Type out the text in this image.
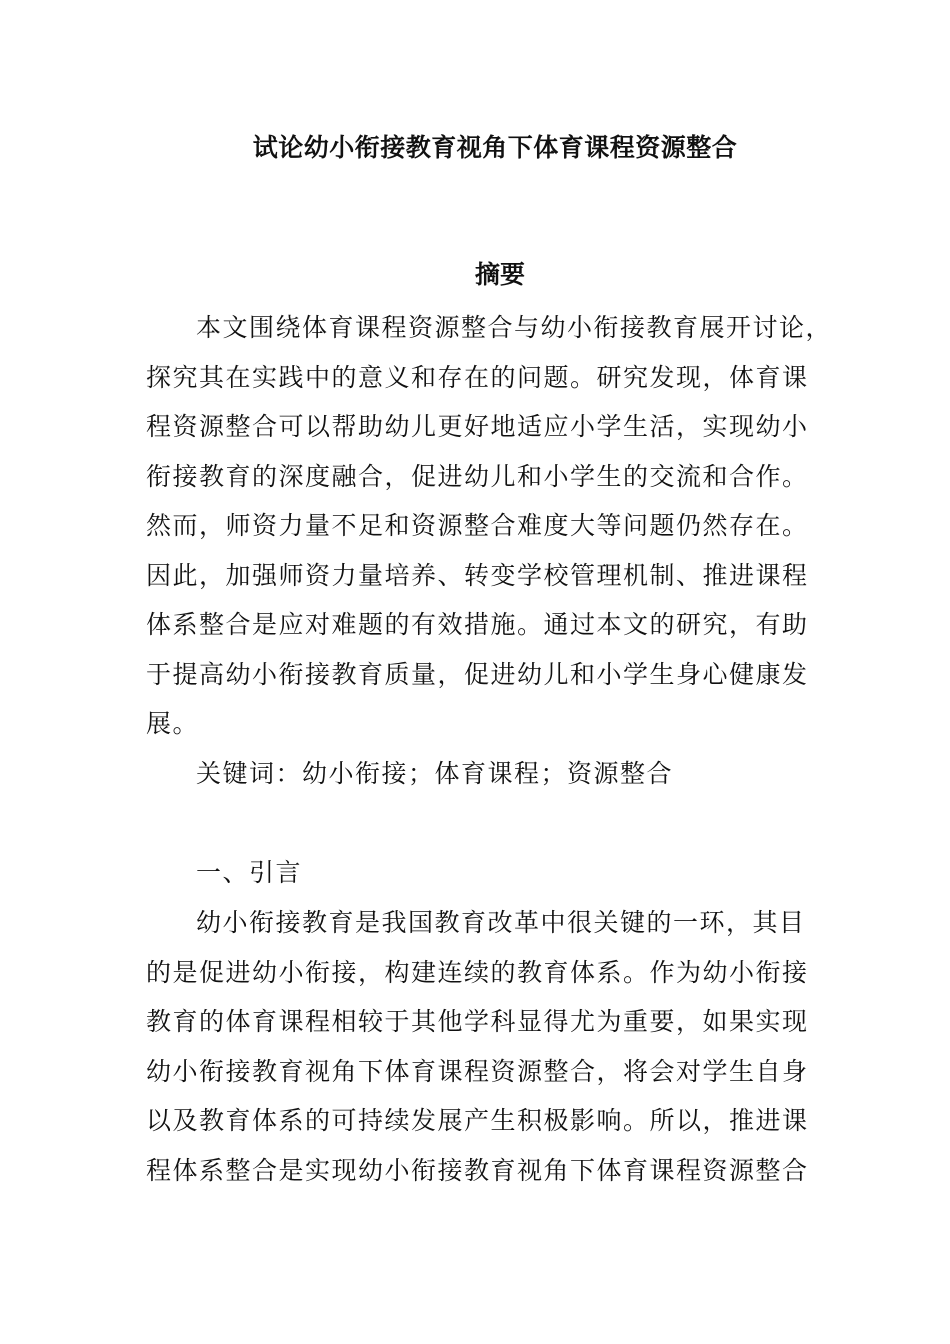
试论幼小衔接教育视角下体育课程资源整合
摘要
本文围绕体育课程资源整合与幼小衔接教育展开讨论，
探究其在实践中的意义和存在的问题。研究发现，体育课
程资源整合可以帮助幼儿更好地适应小学生活，实现幼小
衔接教育的深度融合，促进幼儿和小学生的交流和合作。
然而，师资力量不足和资源整合难度大等问题仍然存在。
因此，加强师资力量培养、转变学校管理机制、推进课程
体系整合是应对难题的有效措施。通过本文的研究，有助
于提高幼小衔接教育质量，促进幼儿和小学生身心健康发
展。
关键词：幼小衔接；体育课程；资源整合
一、引言
幼小衔接教育是我国教育改革中很关键的一环，其目
的是促进幼小衔接，构建连续的教育体系。作为幼小衔接
教育的体育课程相较于其他学科显得尤为重要，如果实现
幼小衔接教育视角下体育课程资源整合，将会对学生自身
以及教育体系的可持续发展产生积极影响。所以，推进课
程体系整合是实现幼小衔接教育视角下体育课程资源整合
